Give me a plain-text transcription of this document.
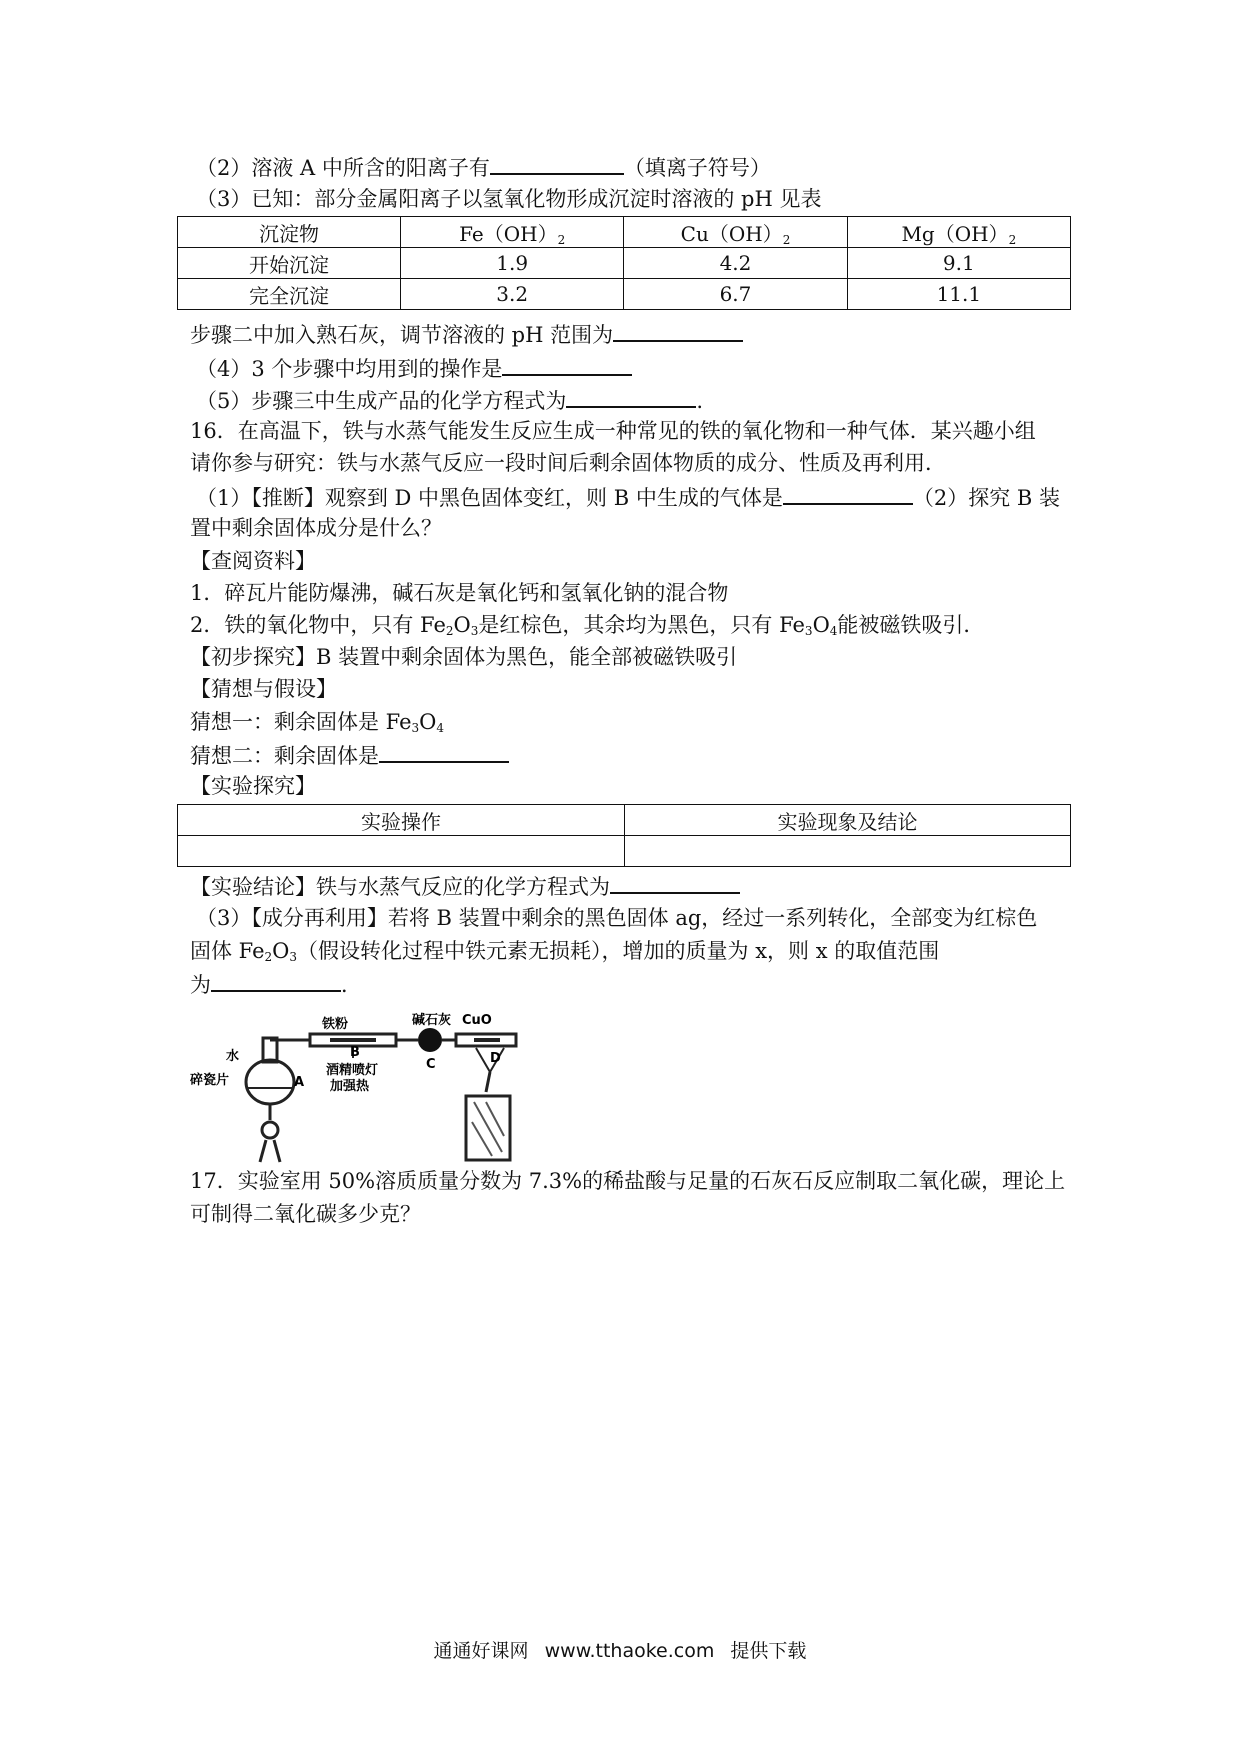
（2）溶液 A 中所含的阳离子有	（填离子符号）
（3）已知：部分金属阳离子以氢氧化物形成沉淀时溶液的 pH 见表
沉淀物	$Fe(OH)_2$	$Cu(OH)_2$	$Mg(OH)_2$
开始沉淀	1.9	4.2	9.1
完全沉淀	3.2	6.7	11.1
步骤二中加入熟石灰，调节溶液的 pH 范围为
（4）3 个步骤中均用到的操作是
（5）步骤三中生成产品的化学方程式为	.
16．在高温下，铁与水蒸气能发生反应生成一种常见的铁的氧化物和一种气体．某兴趣小组
请你参与研究：铁与水蒸气反应一段时间后剩余固体物质的成分、性质及再利用．
（1）【推断】观察到 D 中黑色固体变红，则 B 中生成的气体是	（2）探究 B 装
置中剩余固体成分是什么？
【查阅资料】
1．碎瓦片能防爆沸，碱石灰是氧化钙和氢氧化钠的混合物
2．铁的氧化物中，只有 $Fe_2O_3$是红棕色，其余均为黑色，只有 $Fe_3O_4$能被磁铁吸引．
【初步探究】B 装置中剩余固体为黑色，能全部被磁铁吸引
【猜想与假设】
猜想一：剩余固体是 $Fe_3O_4$
猜想二：剩余固体是
【实验探究】
实验操作	实验现象及结论

【实验结论】铁与水蒸气反应的化学方程式为
（3）【成分再利用】若将 B 装置中剩余的黑色固体 ag，经过一系列转化，全部变为红棕色
固体 $Fe_2O_3$（假设转化过程中铁元素无损耗），增加的质量为 x，则 x 的取值范围
为	．
铁粉	碱石灰 CuO
水
碎瓷片	A
B
酒精喷灯
加强热
C	D
17．实验室用 50%溶质质量分数为 7.3%的稀盐酸与足量的石灰石反应制取二氧化碳，理论上
可制得二氧化碳多少克？
通通好课网 www.tthaoke.com 提供下载
